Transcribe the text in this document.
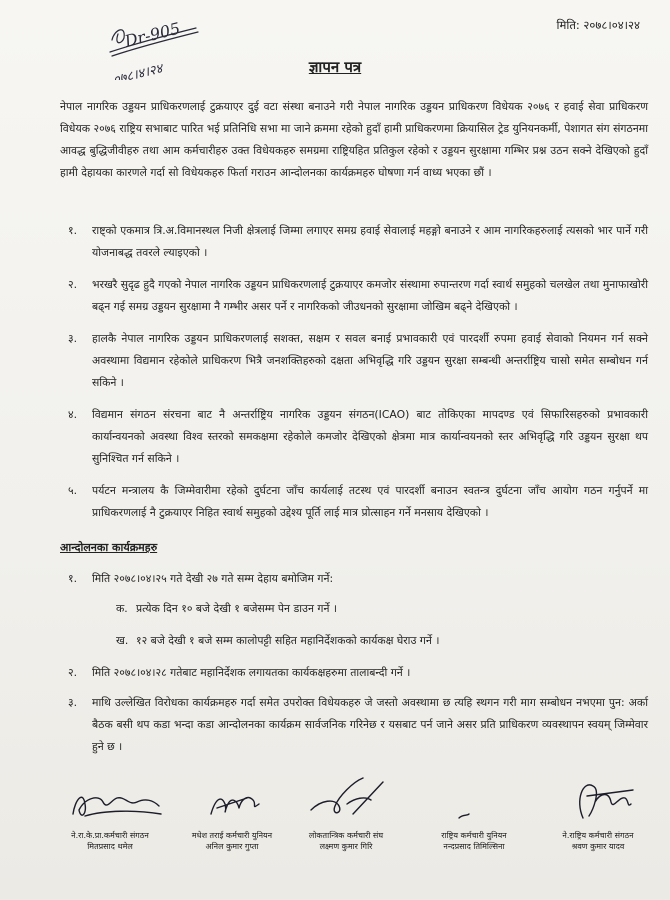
Dr-905
०७८।४।२४
मिति: २०७८।०४।२४
ज्ञापन पत्र
नेपाल नागरिक उड्डयन प्राधिकरणलाई टुक्रयाएर दुई वटा संस्था बनाउने गरी नेपाल नागरिक उड्डयन प्राधिकरण विधेयक २०७६ र हवाई सेवा प्राधिकरण विधेयक २०७६ राष्ट्रिय सभाबाट पारित भई प्रतिनिधि सभा मा जाने क्रममा रहेको हुदाँ हामी प्राधिकरणमा क्रियासिल ट्रेड युनियनकर्मी, पेशागत संग संगठनमा आवद्ध बुद्धिजीवीहरु तथा आम कर्मचारीहरु उक्त विधेयकहरु समग्रमा राष्ट्रियहित प्रतिकुल रहेको र उड्डयन सुरक्षामा गम्भिर प्रश्न उठन सक्ने देखिएको हुदाँ हामी देहायका कारणले गर्दा सो विधेयकहरु फिर्ता गराउन आन्दोलनका कार्यक्रमहरु घोषणा गर्न वाध्य भएका छौं ।
१.	राष्ट्को एकमात्र त्रि.अ.विमानस्थल निजी क्षेत्रलाई जिम्मा लगाएर समग्र हवाई सेवालाई महङ्गो बनाउने र आम नागरिकहरुलाई त्यसको भार पार्ने गरी योजनाबद्ध तवरले ल्याइएको ।
२.	भरखरै सुदृढ हुदै गएको नेपाल नागरिक उड्डयन प्राधिकरणलाई टुक्रयाएर कमजोर संस्थामा रुपान्तरण गर्दा स्वार्थ समुहको चलखेल तथा मुनाफाखोरी बढ्न गई समग्र उड्डयन सुरक्षामा नै गम्भीर असर पर्ने र नागरिकको जीउधनको सुरक्षामा जोखिम बढ्ने देखिएको ।
३.	हालकै नेपाल नागरिक उड्डयन प्राधिकरणलाई सशक्त, सक्षम र सवल बनाई प्रभावकारी एवं पारदर्शी रुपमा हवाई सेवाको नियमन गर्न सक्ने अवस्थामा विद्यमान रहेकोले प्राधिकरण भित्रै जनशक्तिहरुको दक्षता अभिवृद्धि गरि उड्डयन सुरक्षा सम्बन्धी अन्तर्राष्ट्रिय चासो समेत सम्बोधन गर्न सकिने ।
४.	विद्यमान संगठन संरचना बाट नै अन्तर्राष्ट्रिय नागरिक उड्डयन संगठन(ICAO) बाट तोकिएका मापदण्ड एवं सिफारिसहरुको प्रभावकारी कार्यान्वयनको अवस्था विश्व स्तरको समकक्षमा रहेकोले कमजोर देखिएको क्षेत्रमा मात्र कार्यान्वयनको स्तर अभिवृद्धि गरि उड्डयन सुरक्षा थप सुनिश्चित गर्न सकिने ।
५.	पर्यटन मन्त्रालय कै जिम्मेवारीमा रहेको दुर्घटना जाँच कार्यलाई तटस्थ एवं पारदर्शी बनाउन स्वतन्त्र दुर्घटना जाँच आयोग गठन गर्नुपर्ने मा प्राधिकरणलाई नै टुक्रयाएर निहित स्वार्थ समुहको उद्देश्य पूर्ति लाई मात्र प्रोत्साहन गर्ने मनसाय देखिएको ।
आन्दोलनका कार्यक्रमहरु
१.	मिति २०७८।०४।२५ गते देखी २७ गते सम्म देहाय बमोजिम गर्ने:
क. प्रत्येक दिन १० बजे देखी १ बजेसम्म पेन डाउन गर्ने ।
ख. १२ बजे देखी १ बजे सम्म कालोपट्टी सहित महानिर्देशकको कार्यकक्ष घेराउ गर्ने ।
२.	मिति २०७८।०४।२८ गतेबाट महानिर्देशक लगायतका कार्यकक्षहरुमा तालाबन्दी गर्ने ।
३.	माथि उल्लेखित विरोधका कार्यक्रमहरु गर्दा समेत उपरोक्त विधेयकहरु जे जस्तो अवस्थामा छ त्यहि स्थगन गरी माग सम्बोधन नभएमा पुन: अर्का बैठक बसी थप कडा भन्दा कडा आन्दोलनका कार्यक्रम सार्वजनिक गरिनेछ र यसबाट पर्न जाने असर प्रति प्राधिकरण व्यवस्थापन स्वयम् जिम्मेवार हुने छ ।
ने.रा.के.प्रा.कर्मचारी संगठन
मितप्रसाद थमेल
मधेश तराई कर्मचारी युनियन
अनिल कुमार गुप्ता
लोकतान्त्रिक कर्मचारी संघ
लक्ष्मण कुमार गिरि
राष्ट्रिय कर्मचारी युनियन
नन्दप्रसाद तिमिल्सिना
ने.राष्ट्रिय कर्मचारी संगठन
श्रवण कुमार यादव
